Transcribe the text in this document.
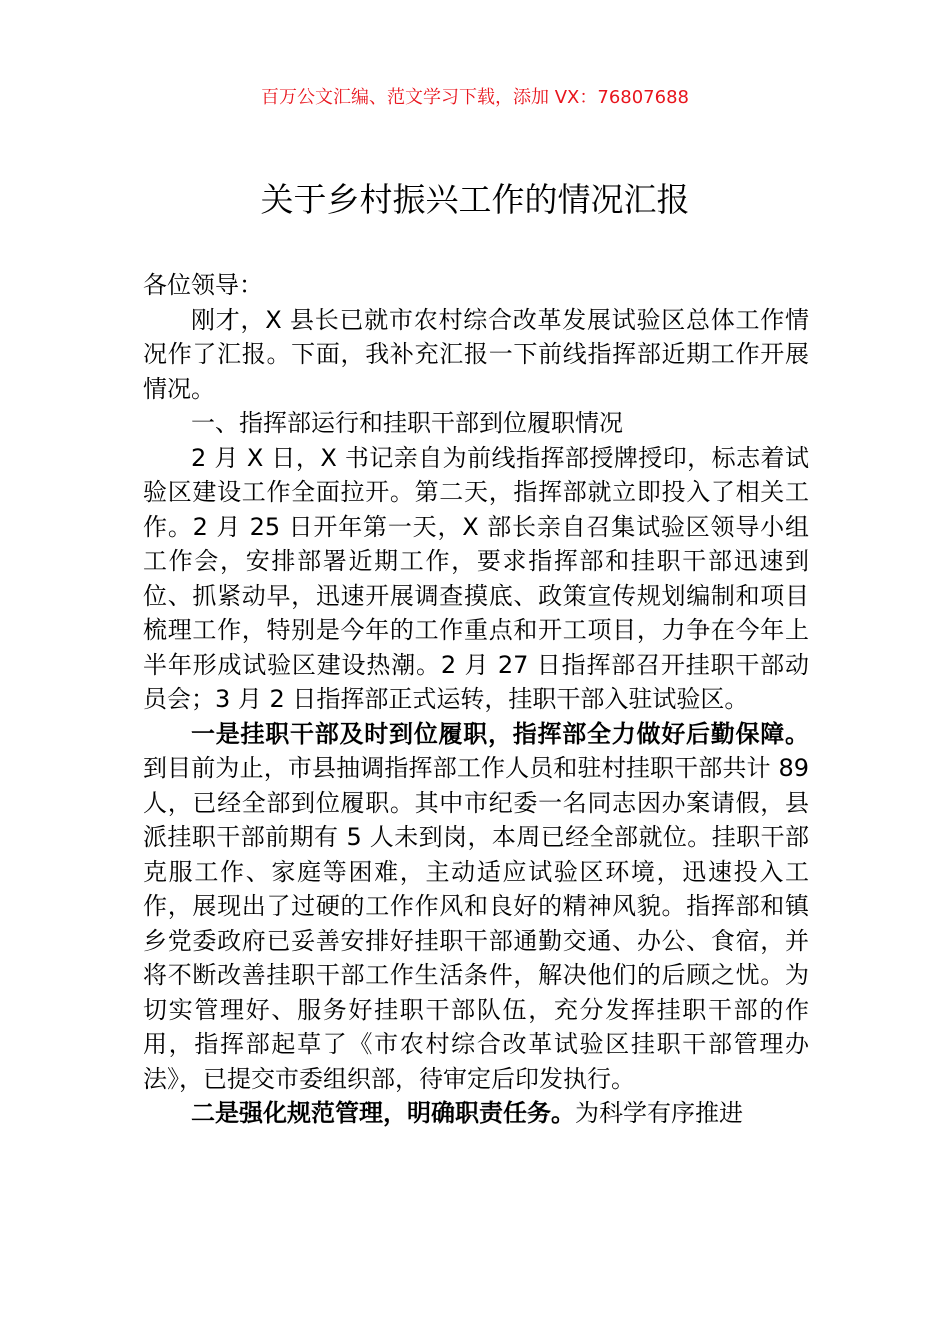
百万公文汇编、范文学习下载，添加 VX：76807688
关于乡村振兴工作的情况汇报

各位领导：

刚才，X 县长已就市农村综合改革发展试验区总体工作情况作了汇报。下面，我补充汇报一下前线指挥部近期工作开展情况。

一、指挥部运行和挂职干部到位履职情况

2 月 X 日，X 书记亲自为前线指挥部授牌授印，标志着试验区建设工作全面拉开。第二天，指挥部就立即投入了相关工作。2 月 25 日开年第一天，X 部长亲自召集试验区领导小组工作会，安排部署近期工作，要求指挥部和挂职干部迅速到位、抓紧动早，迅速开展调查摸底、政策宣传规划编制和项目梳理工作，特别是今年的工作重点和开工项目，力争在今年上半年形成试验区建设热潮。2 月 27 日指挥部召开挂职干部动员会；3 月 2 日指挥部正式运转，挂职干部入驻试验区。

一是挂职干部及时到位履职，指挥部全力做好后勤保障。到目前为止，市县抽调指挥部工作人员和驻村挂职干部共计 89 人，已经全部到位履职。其中市纪委一名同志因办案请假，县派挂职干部前期有 5 人未到岗，本周已经全部就位。挂职干部克服工作、家庭等困难，主动适应试验区环境，迅速投入工作，展现出了过硬的工作作风和良好的精神风貌。指挥部和镇乡党委政府已妥善安排好挂职干部通勤交通、办公、食宿，并将不断改善挂职干部工作生活条件，解决他们的后顾之忧。为切实管理好、服务好挂职干部队伍，充分发挥挂职干部的作用，指挥部起草了《市农村综合改革试验区挂职干部管理办法》，已提交市委组织部，待审定后印发执行。

二是强化规范管理，明确职责任务。为科学有序推进
